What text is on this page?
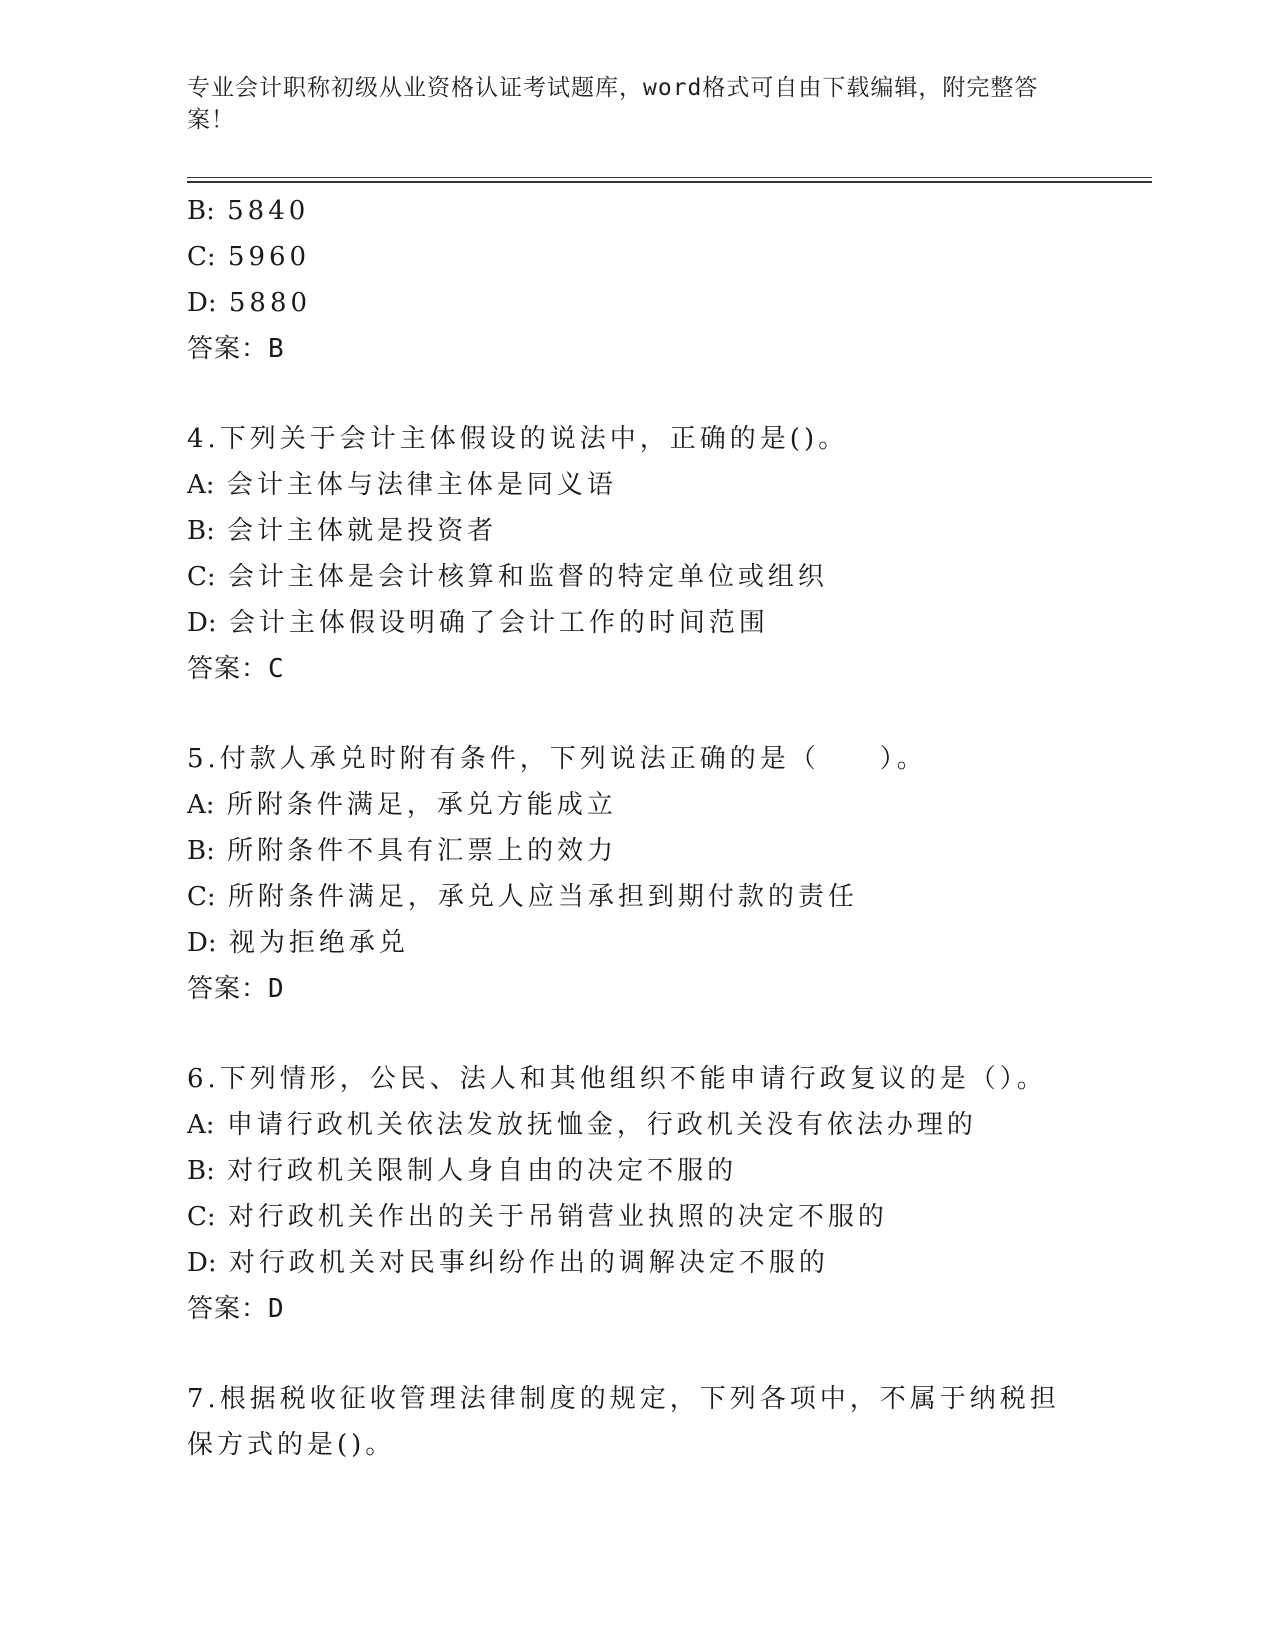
专业会计职称初级从业资格认证考试题库，word格式可自由下载编辑，附完整答案！
B: 5840
C: 5960
D: 5880
答案：B
4.下列关于会计主体假设的说法中，正确的是()。
A: 会计主体与法律主体是同义语
B: 会计主体就是投资者
C: 会计主体是会计核算和监督的特定单位或组织
D: 会计主体假设明确了会计工作的时间范围
答案：C
5.付款人承兑时附有条件，下列说法正确的是（　　）。
A: 所附条件满足，承兑方能成立
B: 所附条件不具有汇票上的效力
C: 所附条件满足，承兑人应当承担到期付款的责任
D: 视为拒绝承兑
答案：D
6.下列情形，公民、法人和其他组织不能申请行政复议的是（）。
A: 申请行政机关依法发放抚恤金，行政机关没有依法办理的
B: 对行政机关限制人身自由的决定不服的
C: 对行政机关作出的关于吊销营业执照的决定不服的
D: 对行政机关对民事纠纷作出的调解决定不服的
答案：D
7.根据税收征收管理法律制度的规定，下列各项中，不属于纳税担保方式的是()。
